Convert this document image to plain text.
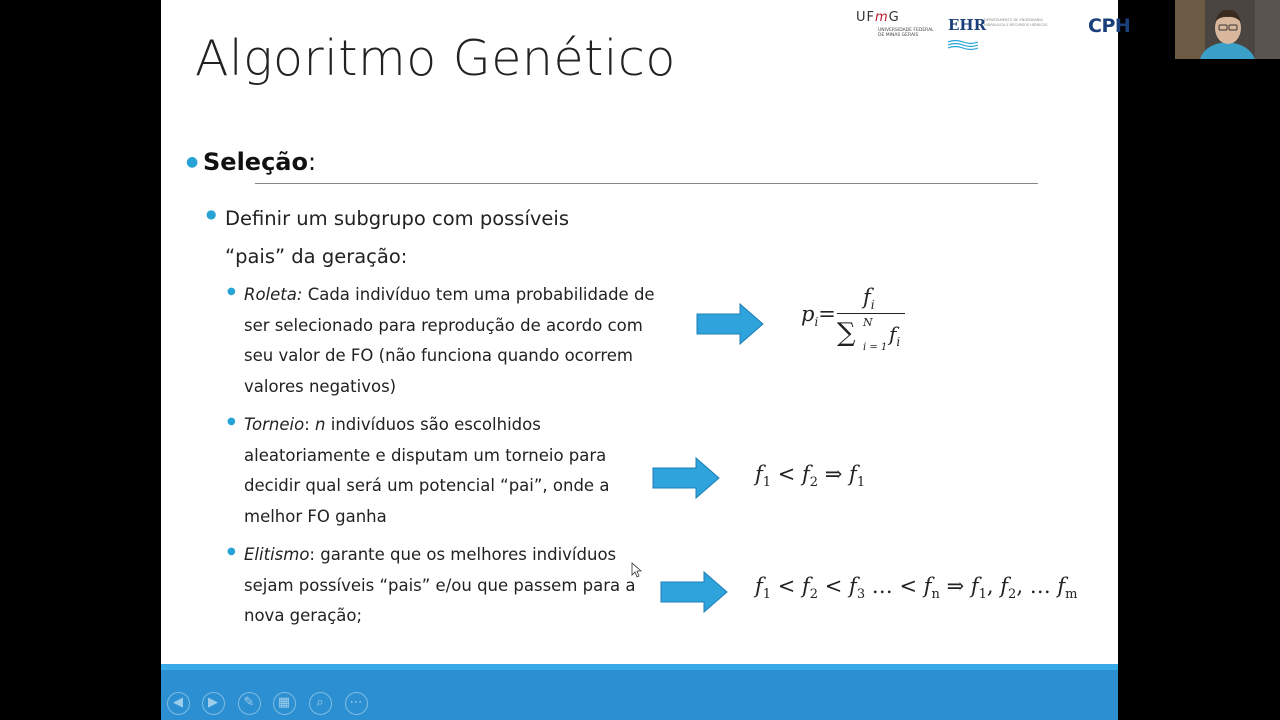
Algoritmo Genético
UFmG
UNIVERSIDADE FEDERAL DE MINAS GERAIS
EHR
DEPARTAMENTO DE ENGENHARIA HIDRÁULICA E RECURSOS HÍDRICOS CPH
● Seleção:
● Definir um subgrupo com possíveis
“pais” da geração:
● Roleta: Cada indivíduo tem uma probabilidade de
ser selecionado para reprodução de acordo com
seu valor de FO (não funciona quando ocorrem
valores negativos)
● Torneio: n indivíduos são escolhidos
aleatoriamente e disputam um torneio para
decidir qual será um potencial “pai”, onde a
melhor FO ganha
● Elitismo: garante que os melhores indivíduos
sejam possíveis “pais” e/ou que passem para a
nova geração;
$p_i=$
$f_i$
∑ N
i = 1
$f_i$
$f_1 < f_2$ ⇒ $f_1$
$f_1 < f_2 < f_3$ … < $f_n$ ⇒ $f_1$, $f_2$, … $f_m$
◀	▶	✎	▦	⌕	⋯
